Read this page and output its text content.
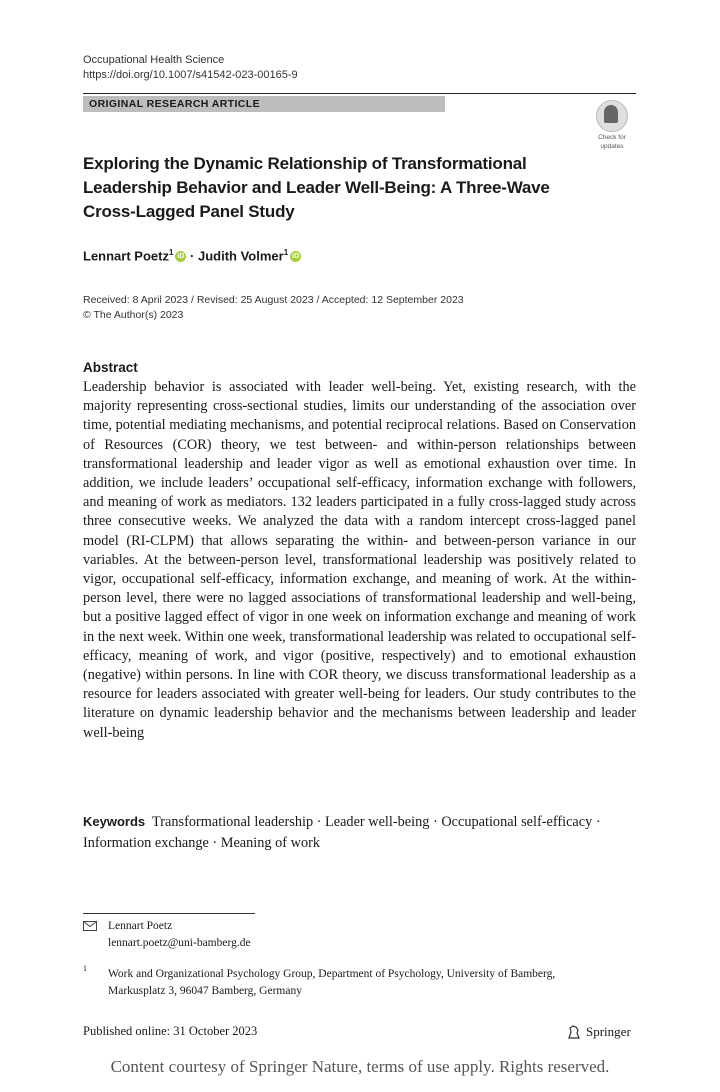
Occupational Health Science
https://doi.org/10.1007/s41542-023-00165-9
ORIGINAL RESEARCH ARTICLE
Check for
updates
Exploring the Dynamic Relationship of Transformational Leadership Behavior and Leader Well-Being: A Three-Wave Cross-Lagged Panel Study
Lennart Poetz$^1$ iD · Judith Volmer$^1$ iD
Received: 8 April 2023 / Revised: 25 August 2023 / Accepted: 12 September 2023
© The Author(s) 2023
Abstract
Leadership behavior is associated with leader well-being. Yet, existing research, with the majority representing cross-sectional studies, limits our understanding of the association over time, potential mediating mechanisms, and potential reciprocal relations. Based on Conservation of Resources (COR) theory, we test between- and within-person relationships between transformational leadership and leader vigor as well as emotional exhaustion over time. In addition, we include leaders’ occupational self-efficacy, information exchange with followers, and meaning of work as mediators. 132 leaders participated in a fully cross-lagged study across three consecutive weeks. We analyzed the data with a random intercept cross-lagged panel model (RI-CLPM) that allows separating the within- and between-person variance in our variables. At the between-person level, transformational leadership was positively related to vigor, occupational self-efficacy, information exchange, and meaning of work. At the within-person level, there were no lagged associations of transformational leadership and well-being, but a positive lagged effect of vigor in one week on information exchange and meaning of work in the next week. Within one week, transformational leadership was related to occupational self-efficacy, meaning of work, and vigor (positive, respectively) and to emotional exhaustion (negative) within persons. In line with COR theory, we discuss transformational leadership as a resource for leaders associated with greater well-being for leaders. Our study contributes to the literature on dynamic leadership behavior and the mechanisms between leadership and leader well-being
Keywords Transformational leadership · Leader well-being · Occupational self-efficacy · Information exchange · Meaning of work
Lennart Poetz
lennart.poetz@uni-bamberg.de
1 Work and Organizational Psychology Group, Department of Psychology, University of Bamberg, Markusplatz 3, 96047 Bamberg, Germany
Published online: 31 October 2023	Springer
Content courtesy of Springer Nature, terms of use apply. Rights reserved.
